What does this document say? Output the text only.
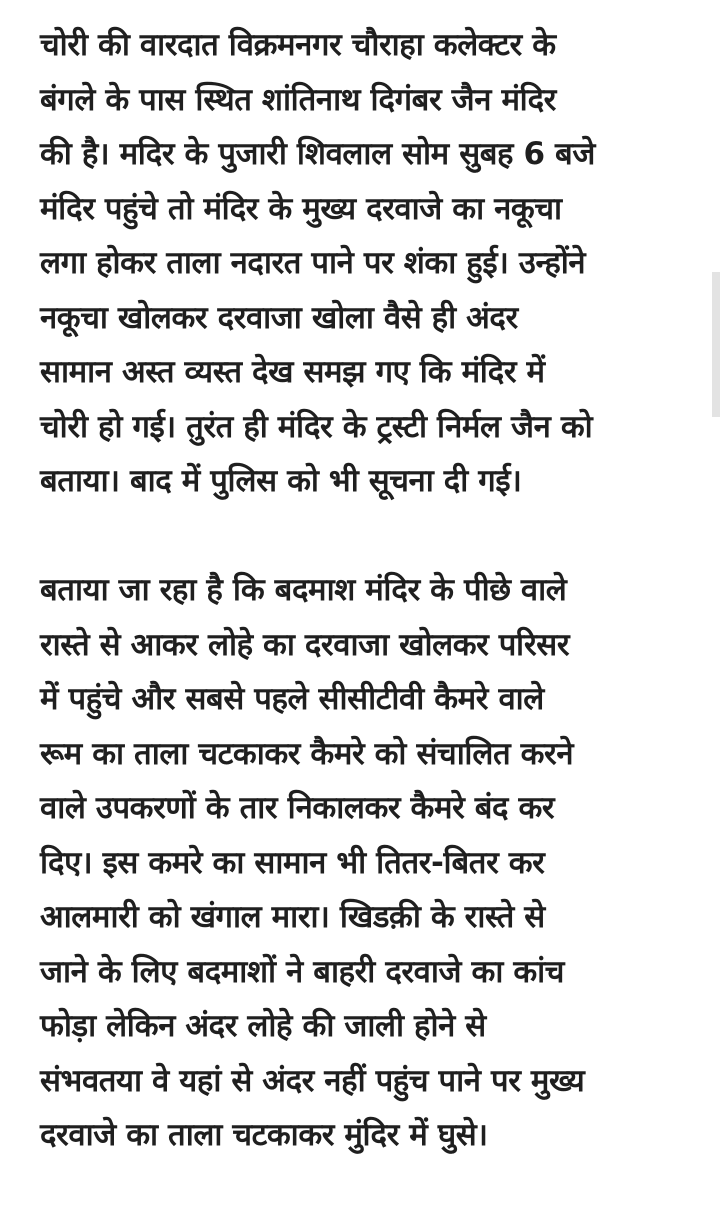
चोरी की वारदात विक्रमनगर चौराहा कलेक्टर के
बंगले के पास स्थित शांतिनाथ दिगंबर जैन मंदिर
की है। मदिर के पुजारी शिवलाल सोम सुबह 6 बजे
मंदिर पहुंचे तो मंदिर के मुख्य दरवाजे का नकूचा
लगा होकर ताला नदारत पाने पर शंका हुई। उन्होंने
नकूचा खोलकर दरवाजा खोला वैसे ही अंदर
सामान अस्त व्यस्त देख समझ गए कि मंदिर में
चोरी हो गई। तुरंत ही मंदिर के ट्रस्टी निर्मल जैन को
बताया। बाद में पुलिस को भी सूचना दी गई।

बताया जा रहा है कि बदमाश मंदिर के पीछे वाले
रास्ते से आकर लोहे का दरवाजा खोलकर परिसर
में पहुंचे और सबसे पहले सीसीटीवी कैमरे वाले
रूम का ताला चटकाकर कैमरे को संचालित करने
वाले उपकरणों के तार निकालकर कैमरे बंद कर
दिए। इस कमरे का सामान भी तितर-बितर कर
आलमारी को खंगाल मारा। खिडक़ी के रास्ते से
जाने के लिए बदमाशों ने बाहरी दरवाजे का कांच
फोड़ा लेकिन अंदर लोहे की जाली होने से
संभवतया वे यहां से अंदर नहीं पहुंच पाने पर मुख्य
दरवाजे का ताला चटकाकर मुंदिर में घुसे।
